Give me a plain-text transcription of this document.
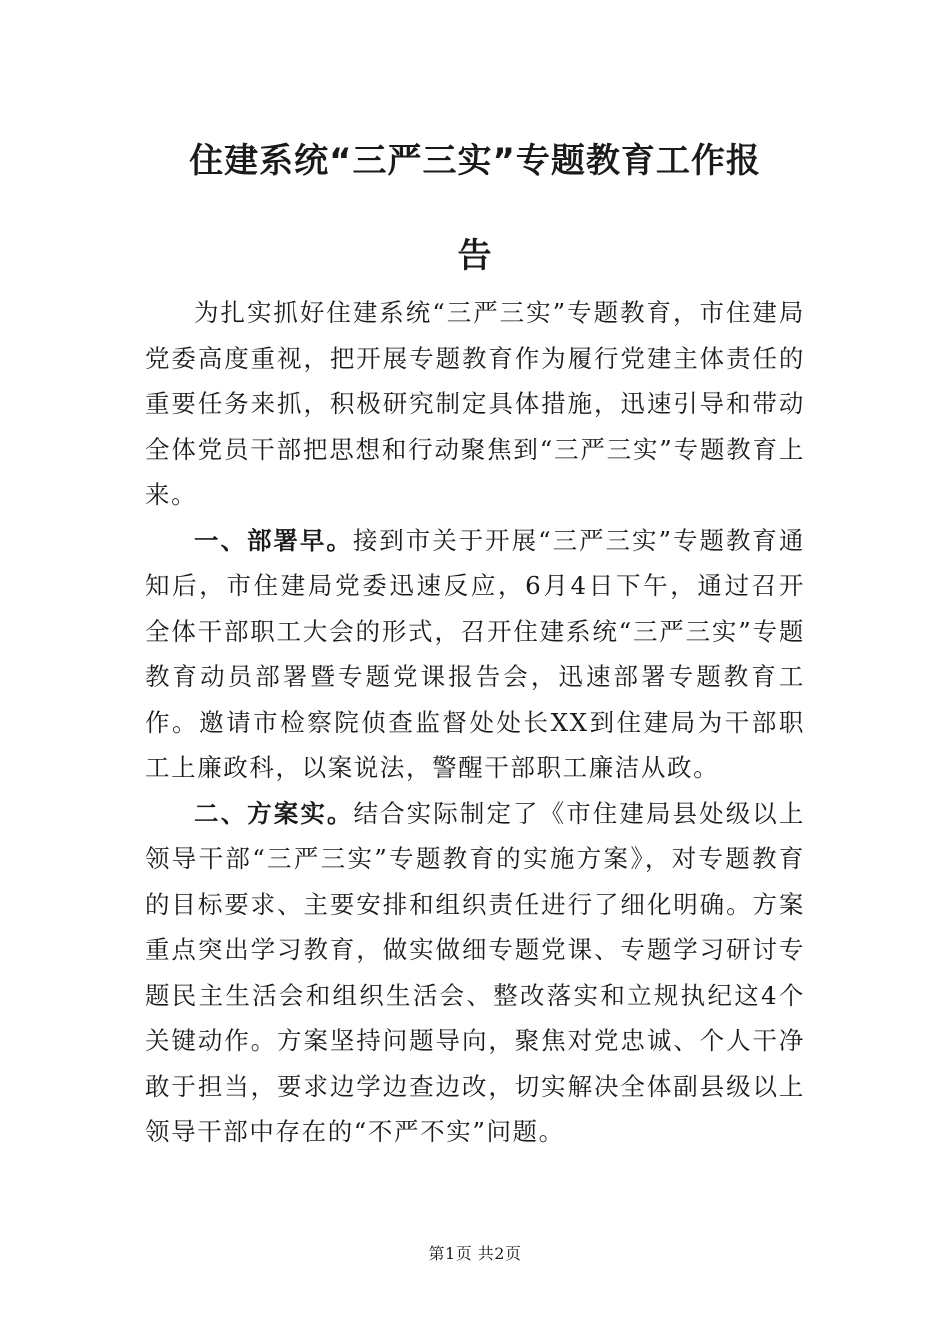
住建系统“三严三实”专题教育工作报
告

为扎实抓好住建系统“三严三实”专题教育，市住建局党委高度重视，把开展专题教育作为履行党建主体责任的重要任务来抓，积极研究制定具体措施，迅速引导和带动全体党员干部把思想和行动聚焦到“三严三实”专题教育上来。

一、部署早。接到市关于开展“三严三实”专题教育通知后，市住建局党委迅速反应，6月4日下午，通过召开全体干部职工大会的形式，召开住建系统“三严三实”专题教育动员部署暨专题党课报告会，迅速部署专题教育工作。邀请市检察院侦查监督处处长XX到住建局为干部职工上廉政科，以案说法，警醒干部职工廉洁从政。

二、方案实。结合实际制定了《市住建局县处级以上领导干部“三严三实”专题教育的实施方案》，对专题教育的目标要求、主要安排和组织责任进行了细化明确。方案重点突出学习教育，做实做细专题党课、专题学习研讨专题民主生活会和组织生活会、整改落实和立规执纪这4个关键动作。方案坚持问题导向，聚焦对党忠诚、个人干净敢于担当，要求边学边查边改，切实解决全体副县级以上领导干部中存在的“不严不实”问题。

第1页 共2页
